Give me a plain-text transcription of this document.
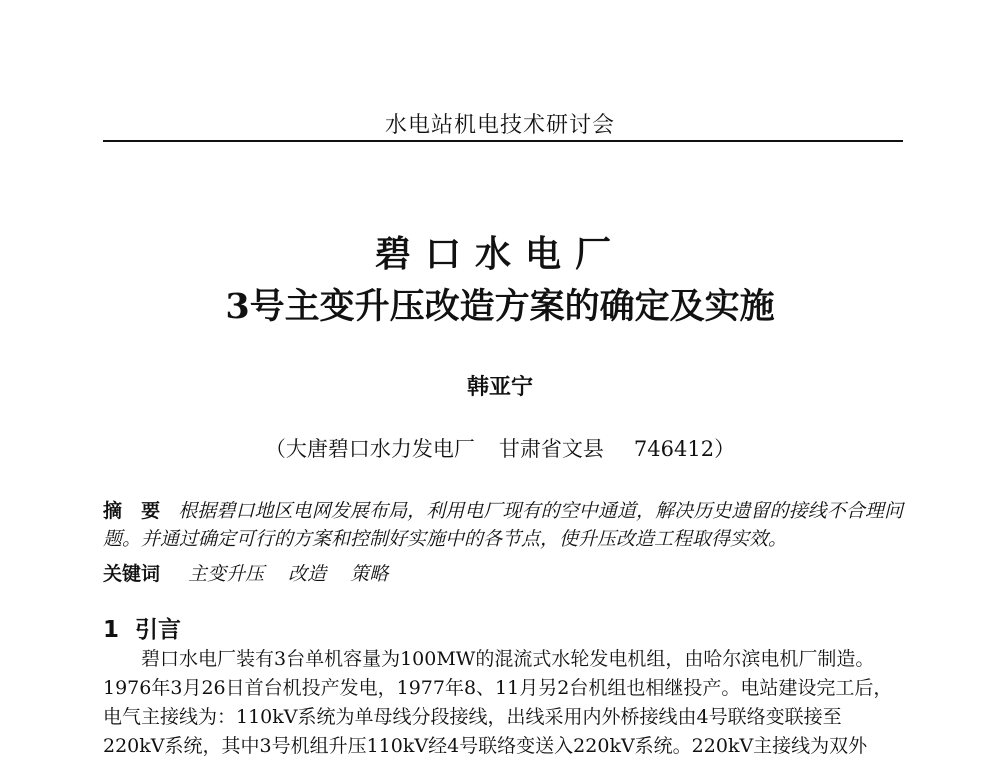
水电站机电技术研讨会
碧口水电厂
3号主变升压改造方案的确定及实施
韩亚宁
（大唐碧口水力发电厂 甘肃省文县 746412）
摘　要 根据碧口地区电网发展布局，利用电厂现有的空中通道，解决历史遗留的接线不合理问题。并通过确定可行的方案和控制好实施中的各节点，使升压改造工程取得实效。
关键词 主变升压 改造 策略
1 引言
碧口水电厂装有3台单机容量为100MW的混流式水轮发电机组，由哈尔滨电机厂制造。
1976年3月26日首台机投产发电，1977年8、11月另2台机组也相继投产。电站建设完工后，
电气主接线为：110kV系统为单母线分段接线，出线采用内外桥接线由4号联络变联接至
220kV系统，其中3号机组升压110kV经4号联络变送入220kV系统。220kV主接线为双外
